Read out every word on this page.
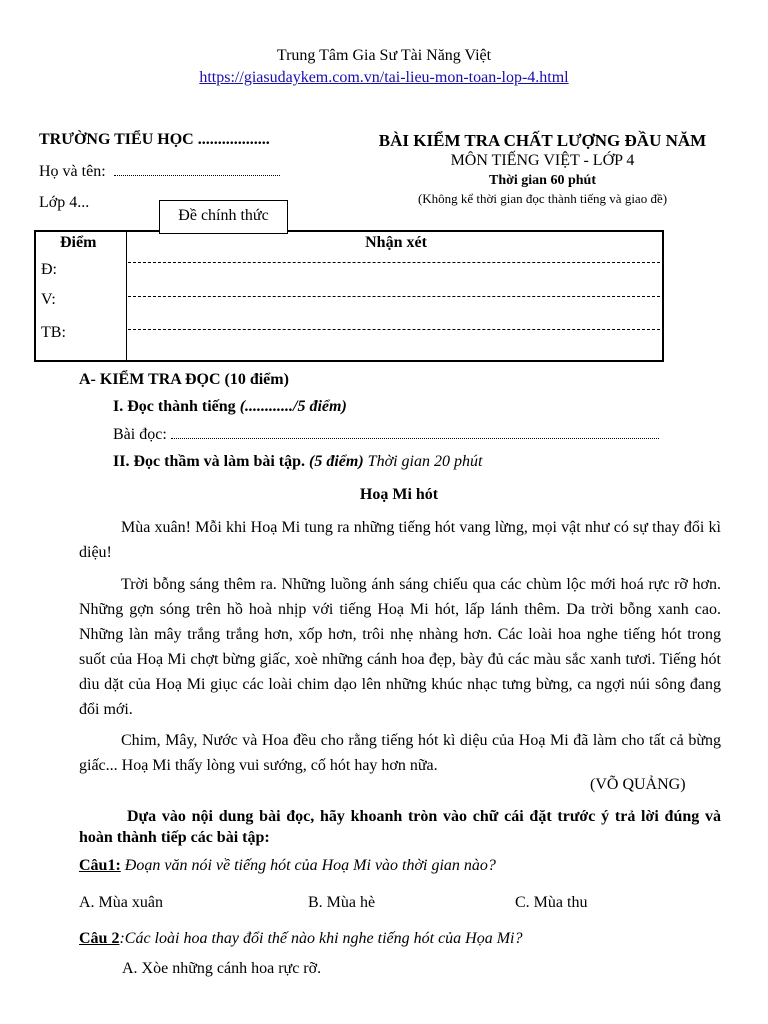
Trung Tâm Gia Sư Tài Năng Việt
https://giasudaykem.com.vn/tai-lieu-mon-toan-lop-4.html
TRƯỜNG TIỂU HỌC ..................
Họ và tên:
Lớp 4...
BÀI KIỂM TRA CHẤT LƯỢNG ĐẦU NĂM
MÔN TIẾNG VIỆT - LỚP 4
Thời gian 60 phút
(Không kể thời gian đọc thành tiếng và giao đề)
Đề chính thức
Điểm	Nhận xét
Đ:
V:
TB:
A- KIỂM TRA ĐỌC (10 điểm)
I. Đọc thành tiếng (............/5 điểm)
Bài đọc:
II. Đọc thầm và làm bài tập. (5 điểm) Thời gian 20 phút
Hoạ Mi hót
Mùa xuân! Mỗi khi Hoạ Mi tung ra những tiếng hót vang lừng, mọi vật như có sự thay đổi kì diệu!
Trời bỗng sáng thêm ra. Những luồng ánh sáng chiếu qua các chùm lộc mới hoá rực rỡ hơn. Những gợn sóng trên hồ hoà nhịp với tiếng Hoạ Mi hót, lấp lánh thêm. Da trời bỗng xanh cao. Những làn mây trắng trắng hơn, xốp hơn, trôi nhẹ nhàng hơn. Các loài hoa nghe tiếng hót trong suốt của Hoạ Mi chợt bừng giấc, xoè những cánh hoa đẹp, bày đủ các màu sắc xanh tươi. Tiếng hót dìu dặt của Hoạ Mi giục các loài chim dạo lên những khúc nhạc tưng bừng, ca ngợi núi sông đang đổi mới.
Chim, Mây, Nước và Hoa đều cho rằng tiếng hót kì diệu của Hoạ Mi đã làm cho tất cả bừng giấc... Hoạ Mi thấy lòng vui sướng, cố hót hay hơn nữa.
(VÕ QUẢNG)
Dựa vào nội dung bài đọc, hãy khoanh tròn vào chữ cái đặt trước ý trả lời đúng và hoàn thành tiếp các bài tập:
Câu1: Đoạn văn nói về tiếng hót của Hoạ Mi vào thời gian nào?
A. Mùa xuân	B. Mùa hè	C. Mùa thu
Câu 2:Các loài hoa thay đổi thế nào khi nghe tiếng hót của Họa Mi?
A. Xòe những cánh hoa rực rỡ.
